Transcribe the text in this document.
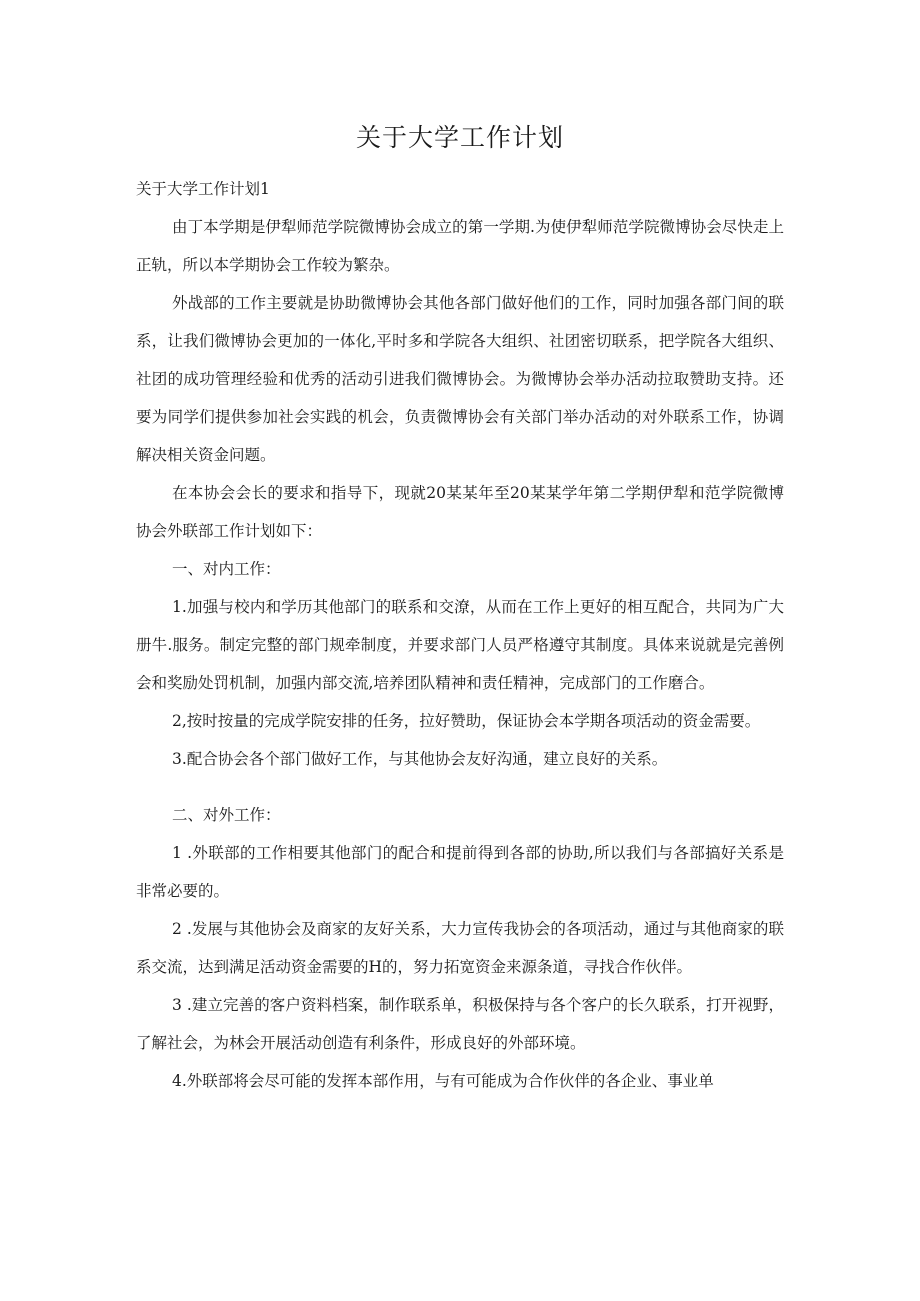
关于大学工作计划

关于大学工作计划1

由丁本学期是伊犁师范学院微博协会成立的第一学期.为使伊犁师范学院微博协会尽快走上正轨，所以本学期协会工作较为繁杂。

外战部的工作主要就是协助微博协会其他各部门做好他们的工作，同时加强各部门间的联系，让我们微博协会更加的一体化,平时多和学院各大组织、社团密切联系，把学院各大组织、社团的成功管理经验和优秀的活动引进我们微博协会。为微博协会举办活动拉取赞助支持。还要为同学们提供参加社会实践的机会，负责微博协会有关部门举办活动的对外联系工作，协调解决相关资金问题。

在本协会会长的要求和指导下，现就20某某年至20某某学年第二学期伊犁和范学院微博协会外联部工作计划如下：

一、对内工作：

1.加强与校内和学历其他部门的联系和交潦，从而在工作上更好的相互配合，共同为广大册牛.服务。制定完整的部门规牵制度，并要求部门人员严格遵守其制度。具体来说就是完善例会和奖励处罚机制，加强内部交流,培养团队精神和责任精神，完成部门的工作磨合。

2,按时按量的完成学院安排的任务，拉好赞助，保证协会本学期各项活动的资金需要。

3.配合协会各个部门做好工作，与其他协会友好沟通，建立良好的关系。

二、对外工作：

1 .外联部的工作相要其他部门的配合和提前得到各部的协助,所以我们与各部搞好关系是非常必要的。

2 .发展与其他协会及商家的友好关系，大力宣传我协会的各项活动，通过与其他商家的联系交流，达到满足活动资金需要的H的，努力拓宽资金来源条道，寻找合作伙伴。

3 .建立完善的客户资料档案，制作联系单，积极保持与各个客户的长久联系，打开视野，了解社会，为林会开展活动创造有利条件，形成良好的外部环境。

4.外联部将会尽可能的发挥本部作用，与有可能成为合作伙伴的各企业、事业单
